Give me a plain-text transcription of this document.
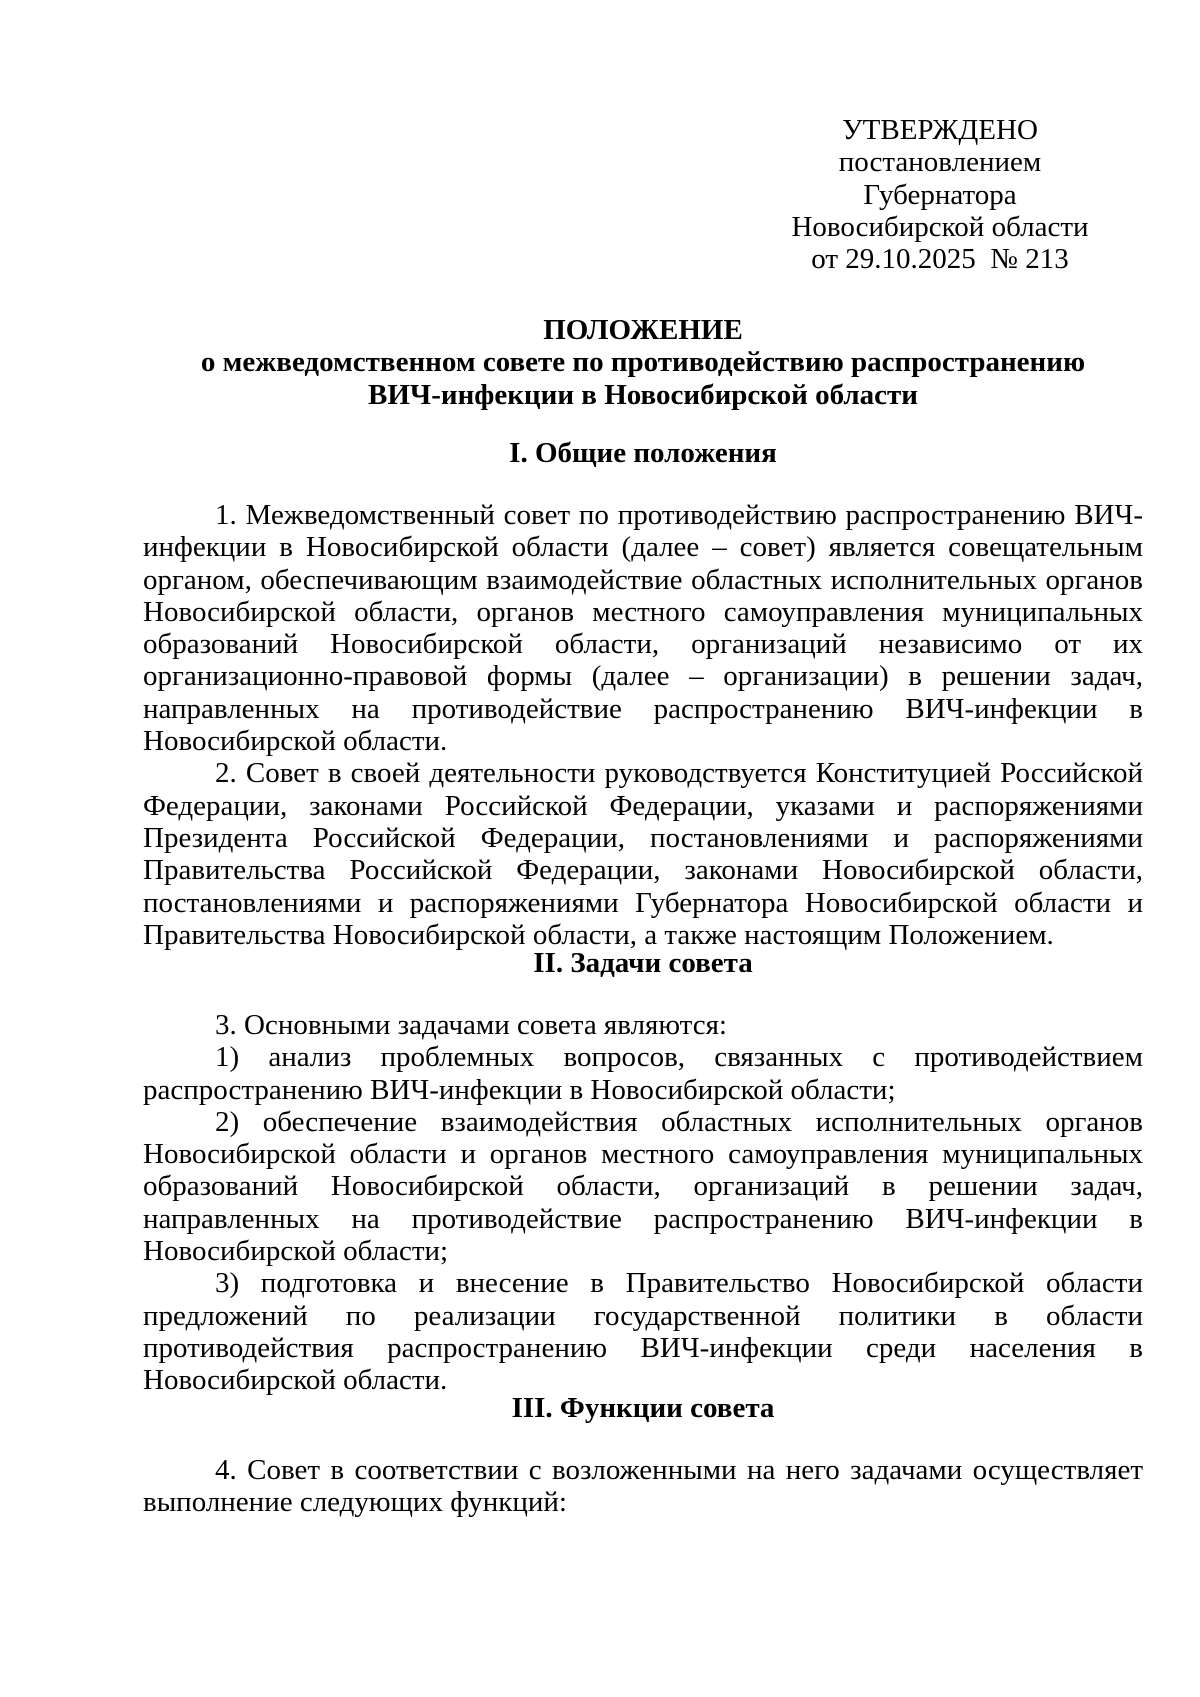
УТВЕРЖДЕНО
постановлением Губернатора
Новосибирской области
от 29.10.2025  № 213
ПОЛОЖЕНИЕ
о межведомственном совете по противодействию распространению
ВИЧ-инфекции в Новосибирской области
I. Общие положения

1. Межведомственный совет по противодействию распространению ВИЧ-инфекции в Новосибирской области (далее – совет) является совещательным органом, обеспечивающим взаимодействие областных исполнительных органов Новосибирской области, органов местного самоуправления муниципальных образований Новосибирской области, организаций независимо от их организационно-правовой формы (далее – организации) в решении задач, направленных на противодействие распространению ВИЧ-инфекции в Новосибирской области.

2. Совет в своей деятельности руководствуется Конституцией Российской Федерации, законами Российской Федерации, указами и распоряжениями Президента Российской Федерации, постановлениями и распоряжениями Правительства Российской Федерации, законами Новосибирской области, постановлениями и распоряжениями Губернатора Новосибирской области и Правительства Новосибирской области, а также настоящим Положением.

II. Задачи совета

3. Основными задачами совета являются:

1) анализ проблемных вопросов, связанных с противодействием распространению ВИЧ-инфекции в Новосибирской области;

2) обеспечение взаимодействия областных исполнительных органов Новосибирской области и органов местного самоуправления муниципальных образований Новосибирской области, организаций в решении задач, направленных на противодействие распространению ВИЧ-инфекции в Новосибирской области;

3) подготовка и внесение в Правительство Новосибирской области предложений по реализации государственной политики в области противодействия распространению ВИЧ-инфекции среди населения в Новосибирской области.

III. Функции совета

4. Совет в соответствии с возложенными на него задачами осуществляет выполнение следующих функций:
